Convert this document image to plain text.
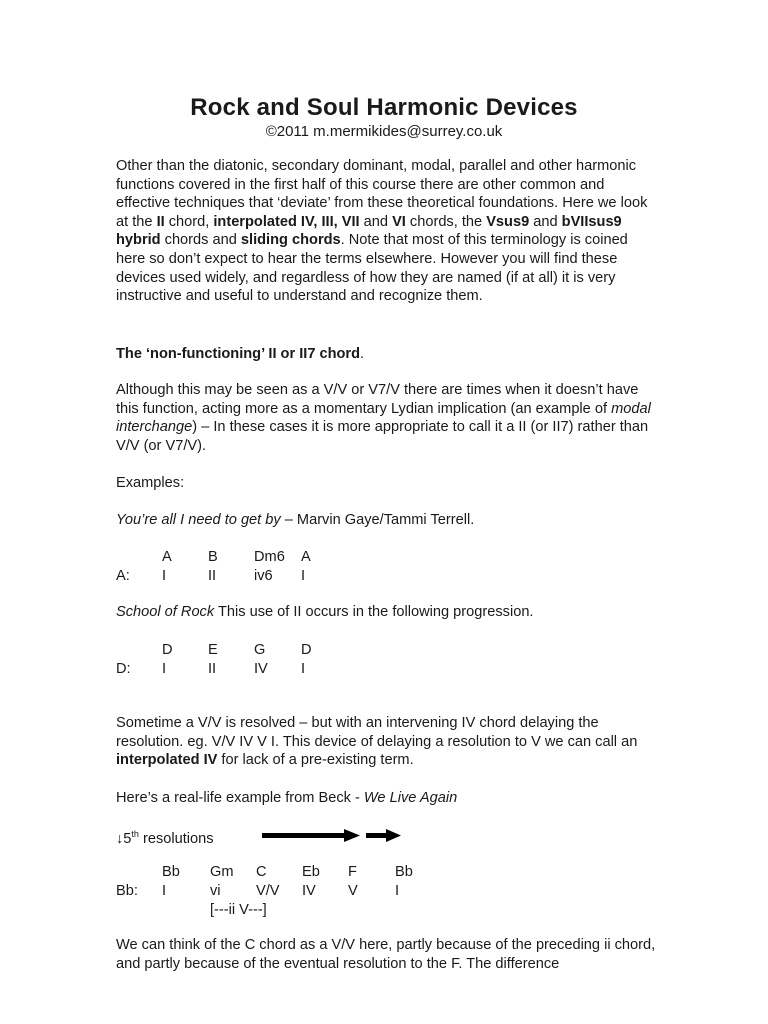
Rock and Soul Harmonic Devices
©2011 m.mermikides@surrey.co.uk
Other than the diatonic, secondary dominant, modal, parallel and other harmonic functions covered in the first half of this course there are other common and effective techniques that ‘deviate’ from these theoretical foundations. Here we look at the II chord, interpolated IV, III, VII and VI chords, the Vsus9 and bVIIsus9 hybrid chords and sliding chords. Note that most of this terminology is coined here so don’t expect to hear the terms elsewhere. However you will find these devices used widely, and regardless of how they are named (if at all) it is very instructive and useful to understand and recognize them.
The ‘non-functioning’ II or II7 chord.
Although this may be seen as a V/V or V7/V there are times when it doesn’t have this function, acting more as a momentary Lydian implication (an example of modal interchange) – In these cases it is more appropriate to call it a II (or II7) rather than V/V (or V7/V).
Examples:
You’re all I need to get by – Marvin Gaye/Tammi Terrell.
A B Dm6 A
A: I	II	iv6 I
School of Rock This use of II occurs in the following progression.
D E G D
D: I	II	IV I
Sometime a V/V is resolved – but with an intervening IV chord delaying the resolution. eg. V/V IV V I. This device of delaying a resolution to V we can call an interpolated IV for lack of a pre-existing term.
Here’s a real-life example from Beck - We Live Again
↓5th resolutions
Bb Gm C Eb F	Bb
Bb: I	vi V/V IV V	I
[---ii V---]
We can think of the C chord as a V/V here, partly because of the preceding ii chord, and partly because of the eventual resolution to the F. The difference
